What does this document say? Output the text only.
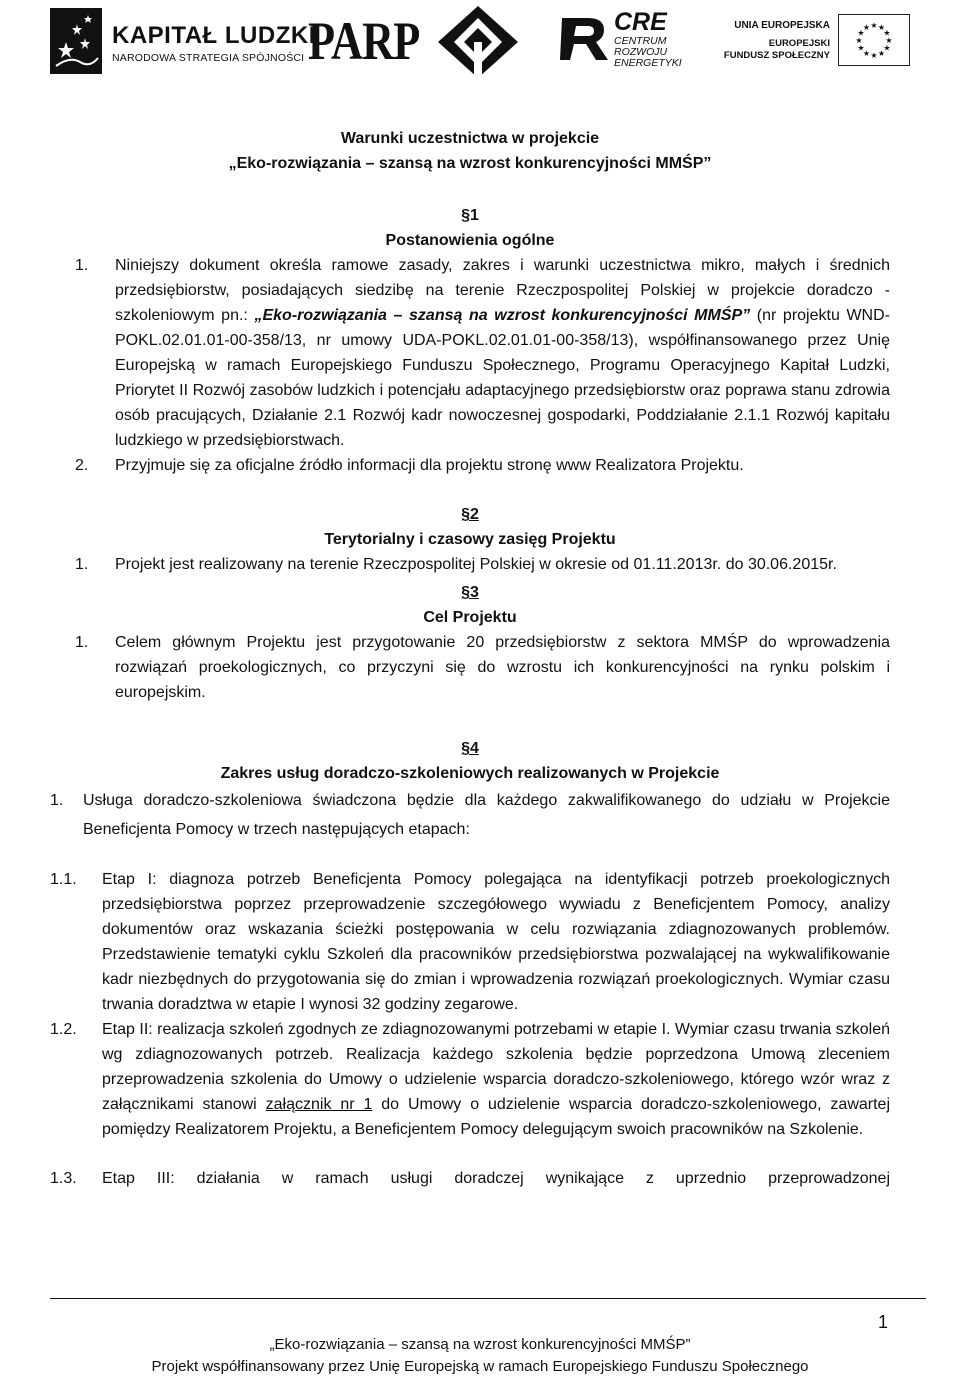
KAPITAŁ LUDZKI
NARODOWA STRATEGIA SPÓJNOŚCI PARP	CRE
CENTRUM
ROZWOJU
ENERGETYKI
UNIA EUROPEJSKA
EUROPEJSKI
FUNDUSZ SPOŁECZNY
★ ★
★
★
★
★
★
★
★
★
★
★
Warunki uczestnictwa w projekcie
„Eko-rozwiązania – szansą na wzrost konkurencyjności MMŚP”
§1
Postanowienia ogólne
1.	Niniejszy dokument określa ramowe zasady, zakres i warunki uczestnictwa mikro, małych i średnich przedsiębiorstw, posiadających siedzibę na terenie Rzeczpospolitej Polskiej w projekcie doradczo - szkoleniowym pn.: „Eko-rozwiązania – szansą na wzrost konkurencyjności MMŚP” (nr projektu WND-POKL.02.01.01-00-358/13, nr umowy UDA-POKL.02.01.01-00-358/13), współfinansowanego przez Unię Europejską w ramach Europejskiego Funduszu Społecznego, Programu Operacyjnego Kapitał Ludzki, Priorytet II Rozwój zasobów ludzkich i potencjału adaptacyjnego przedsiębiorstw oraz poprawa stanu zdrowia osób pracujących, Działanie 2.1 Rozwój kadr nowoczesnej gospodarki, Poddziałanie 2.1.1 Rozwój kapitału ludzkiego w przedsiębiorstwach.
2.	Przyjmuje się za oficjalne źródło informacji dla projektu stronę www Realizatora Projektu.
§2
Terytorialny i czasowy zasięg Projektu
1.	Projekt jest realizowany na terenie Rzeczpospolitej Polskiej w okresie od 01.11.2013r. do 30.06.2015r.
§3
Cel Projektu
1.	Celem głównym Projektu jest przygotowanie 20 przedsiębiorstw z sektora MMŚP do wprowadzenia rozwiązań proekologicznych, co przyczyni się do wzrostu ich konkurencyjności na rynku polskim i europejskim.
§4
Zakres usług doradczo-szkoleniowych realizowanych w Projekcie
1.	Usługa doradczo-szkoleniowa świadczona będzie dla każdego zakwalifikowanego do udziału w Projekcie Beneficjenta Pomocy w trzech następujących etapach:
1.1.	Etap I: diagnoza potrzeb Beneficjenta Pomocy polegająca na identyfikacji potrzeb proekologicznych przedsiębiorstwa poprzez przeprowadzenie szczegółowego wywiadu z Beneficjentem Pomocy, analizy dokumentów oraz wskazania ścieżki postępowania w celu rozwiązania zdiagnozowanych problemów. Przedstawienie tematyki cyklu Szkoleń dla pracowników przedsiębiorstwa pozwalającej na wykwalifikowanie kadr niezbędnych do przygotowania się do zmian i wprowadzenia rozwiązań proekologicznych. Wymiar czasu trwania doradztwa w etapie I wynosi 32 godziny zegarowe.
1.2.	Etap II: realizacja szkoleń zgodnych ze zdiagnozowanymi potrzebami w etapie I. Wymiar czasu trwania szkoleń wg zdiagnozowanych potrzeb. Realizacja każdego szkolenia będzie poprzedzona Umową zleceniem przeprowadzenia szkolenia do Umowy o udzielenie wsparcia doradczo-szkoleniowego, którego wzór wraz z załącznikami stanowi załącznik nr 1 do Umowy o udzielenie wsparcia doradczo-szkoleniowego, zawartej pomiędzy Realizatorem Projektu, a Beneficjentem Pomocy delegującym swoich pracowników na Szkolenie.
1.3.	Etap III: działania w ramach usługi doradczej wynikające z uprzednio przeprowadzonej
1
„Eko-rozwiązania – szansą na wzrost konkurencyjności MMŚP”
Projekt współfinansowany przez Unię Europejską w ramach Europejskiego Funduszu Społecznego
